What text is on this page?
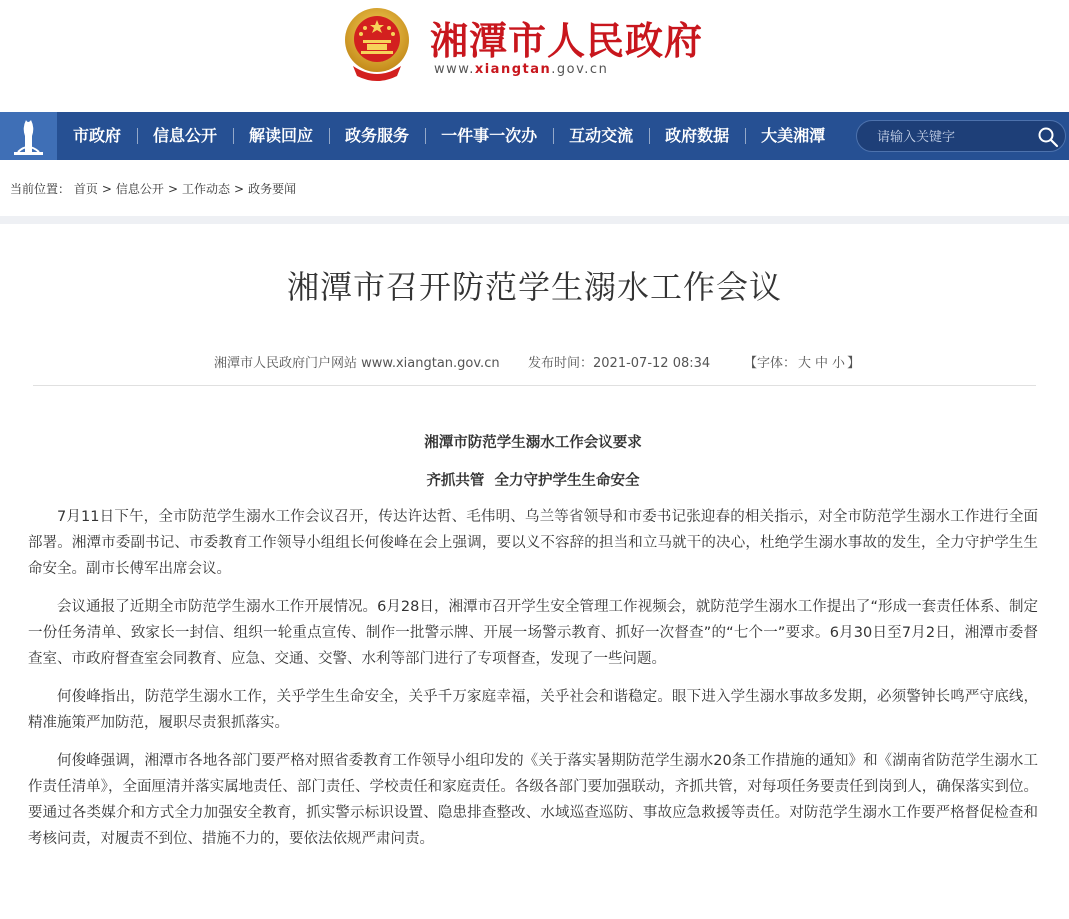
湘潭市人民政府
www.xiangtan.gov.cn
市政府	信息公开	解读回应	政务服务	一件事一次办	互动交流	政府数据	大美湘潭
请输入关键字
当前位置： 首页 > 信息公开 > 工作动态 > 政务要闻
湘潭市召开防范学生溺水工作会议
湘潭市人民政府门户网站 www.xiangtan.gov.cn 发布时间：2021-07-12 08:34	【字体： 大 中 小 】
湘潭市防范学生溺水工作会议要求
齐抓共管  全力守护学生生命安全

7月11日下午，全市防范学生溺水工作会议召开，传达许达哲、毛伟明、乌兰等省领导和市委书记张迎春的相关指示，对全市防范学生溺水工作进行全面部署。湘潭市委副书记、市委教育工作领导小组组长何俊峰在会上强调，要以义不容辞的担当和立马就干的决心，杜绝学生溺水事故的发生，全力守护学生生命安全。副市长傅军出席会议。

会议通报了近期全市防范学生溺水工作开展情况。6月28日，湘潭市召开学生安全管理工作视频会，就防范学生溺水工作提出了“形成一套责任体系、制定一份任务清单、致家长一封信、组织一轮重点宣传、制作一批警示牌、开展一场警示教育、抓好一次督查”的“七个一”要求。6月30日至7月2日，湘潭市委督查室、市政府督查室会同教育、应急、交通、交警、水利等部门进行了专项督查，发现了一些问题。

何俊峰指出，防范学生溺水工作，关乎学生生命安全，关乎千万家庭幸福，关乎社会和谐稳定。眼下进入学生溺水事故多发期，必须警钟长鸣严守底线，精准施策严加防范，履职尽责狠抓落实。

何俊峰强调，湘潭市各地各部门要严格对照省委教育工作领导小组印发的《关于落实暑期防范学生溺水20条工作措施的通知》和《湖南省防范学生溺水工作责任清单》，全面厘清并落实属地责任、部门责任、学校责任和家庭责任。各级各部门要加强联动，齐抓共管，对每项任务要责任到岗到人，确保落实到位。要通过各类媒介和方式全力加强安全教育，抓实警示标识设置、隐患排查整改、水域巡查巡防、事故应急救援等责任。对防范学生溺水工作要严格督促检查和考核问责，对履责不到位、措施不力的，要依法依规严肃问责。
